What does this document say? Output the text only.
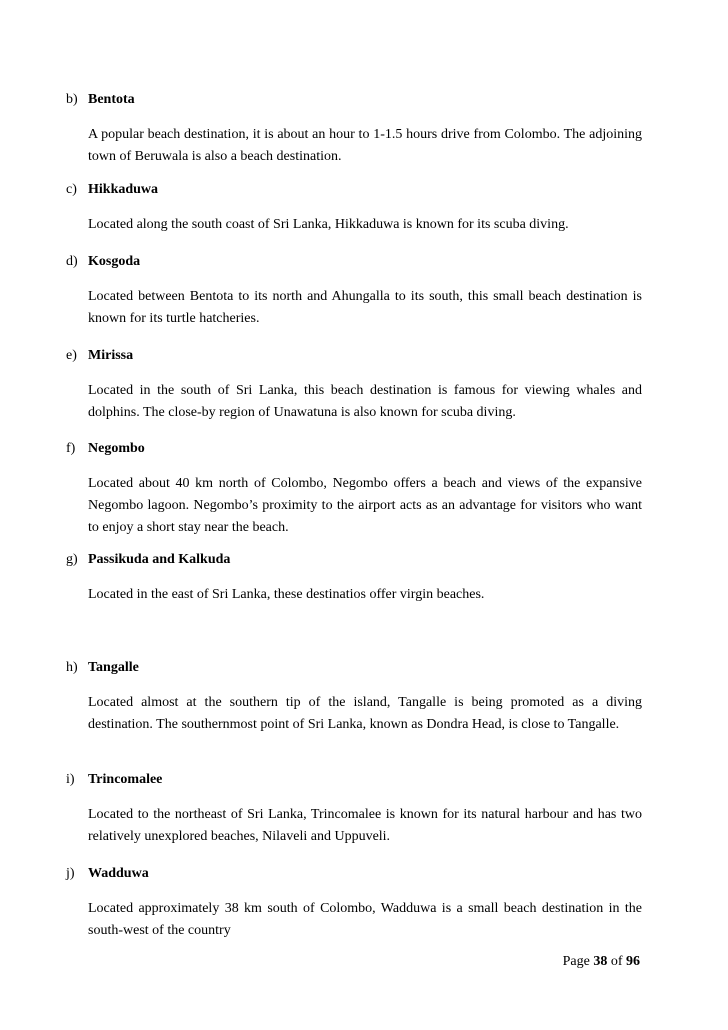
b) Bentota
A popular beach destination, it is about an hour to 1-1.5 hours drive from Colombo. The adjoining town of Beruwala is also a beach destination.
c) Hikkaduwa
Located along the south coast of Sri Lanka, Hikkaduwa is known for its scuba diving.
d) Kosgoda
Located between Bentota to its north and Ahungalla to its south, this small beach destination is known for its turtle hatcheries.
e) Mirissa
Located in the south of Sri Lanka, this beach destination is famous for viewing whales and dolphins. The close-by region of Unawatuna is also known for scuba diving.
f) Negombo
Located about 40 km north of Colombo, Negombo offers a beach and views of the expansive Negombo lagoon. Negombo’s proximity to the airport acts as an advantage for visitors who want to enjoy a short stay near the beach.
g) Passikuda and Kalkuda
Located in the east of Sri Lanka, these destinatios offer virgin beaches.
h) Tangalle
Located almost at the southern tip of the island, Tangalle is being promoted as a diving destination. The southernmost point of Sri Lanka, known as Dondra Head, is close to Tangalle.
i) Trincomalee
Located to the northeast of Sri Lanka, Trincomalee is known for its natural harbour and has two relatively unexplored beaches, Nilaveli and Uppuveli.
j) Wadduwa
Located approximately 38 km south of Colombo, Wadduwa is a small beach destination in the south-west of the country
Page 38 of 96
